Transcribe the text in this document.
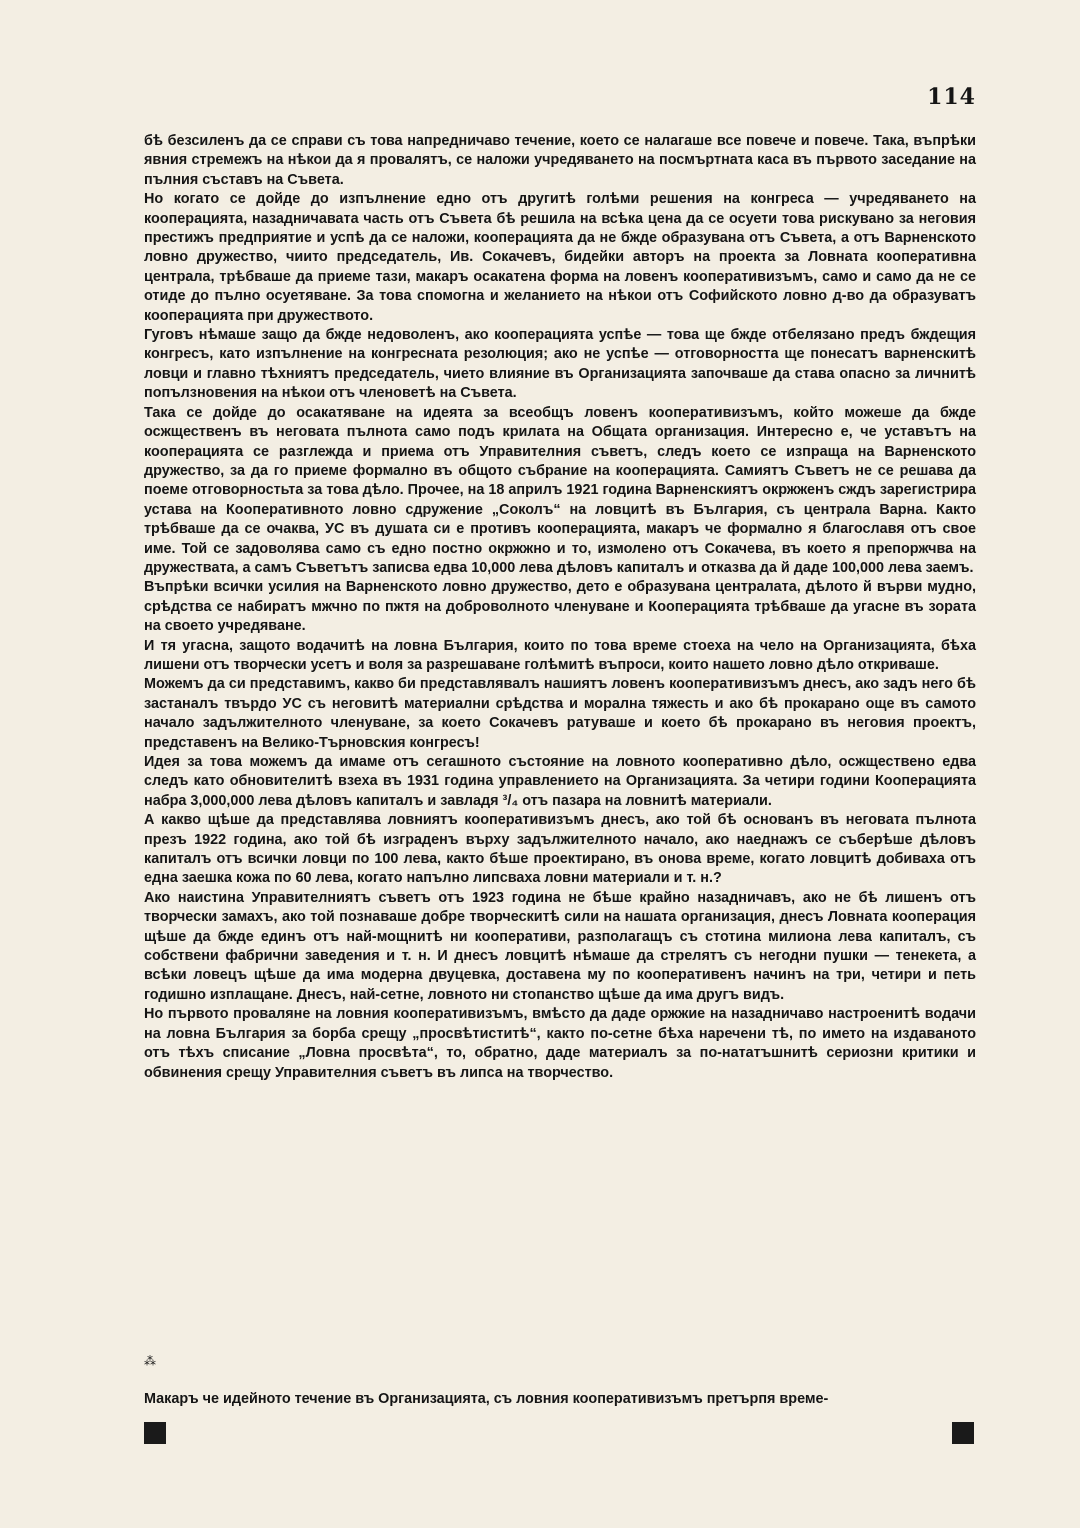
114

бѣ безсиленъ да се справи съ това напредничаво течение, което се налагаше все повече и повече. Така, въпрѣки явния стремежъ на нѣкои да я провалятъ, се наложи учредяването на посмъртната каса въ първото заседание на пълния съставъ на Съвета.

Но когато се дойде до изпълнение едно отъ другитѣ голѣми решения на конгреса — учредяването на кооперацията, назадничавата часть отъ Съвета бѣ решила на всѣка цена да се осуети това рискувано за неговия престижъ предприятие и успѣ да се наложи, кооперацията да не бжде образувана отъ Съвета, а отъ Варненското ловно дружество, чиито председатель, Ив. Сокачевъ, бидейки авторъ на проекта за Ловната кооперативна централа, трѣбваше да приеме тази, макаръ осакатена форма на ловенъ кооперативизъмъ, само и само да не се отиде до пълно осуетяване. За това спомогна и желанието на нѣкои отъ Софийското ловно д-во да образуватъ кооперацията при дружеството.

Гуговъ нѣмаше защо да бжде недоволенъ, ако кооперацията успѣе — това ще бжде отбелязано предъ бждещия конгресъ, като изпълнение на конгресната резолюция; ако не успѣе — отговорността ще понесатъ варненскитѣ ловци и главно тѣхниятъ председатель, чието влияние въ Организацията започваше да става опасно за личнитѣ попълзновения на нѣкои отъ членоветѣ на Съвета.

Така се дойде до осакатяване на идеята за всеобщъ ловенъ кооперативизъмъ, който можеше да бжде осжщественъ въ неговата пълнота само подъ крилата на Общата организация. Интересно е, че уставътъ на кооперацията се разглежда и приема отъ Управителния съветъ, следъ което се изпраща на Варненското дружество, за да го приеме формално въ общото събрание на кооперацията. Самиятъ Съветъ не се решава да поеме отговорностьта за това дѣло. Прочее, на 18 априлъ 1921 година Варненскиятъ окржженъ сждъ зарегистрира устава на Кооперативното ловно сдружение „Соколъ“ на ловцитѣ въ България, съ централа Варна. Както трѣбваше да се очаква, УС въ душата си е противъ кооперацията, макаръ че формално я благославя отъ свое име. Той се задоволява само съ едно постно окржжно и то, измолено отъ Сокачева, въ което я препоржчва на дружествата, а самъ Съветътъ записва едва 10,000 лева дѣловъ капиталъ и отказва да й даде 100,000 лева заемъ.

Въпрѣки всички усилия на Варненското ловно дружество, дето е образувана централата, дѣлото й върви мудно, срѣдства се набиратъ мжчно по пжтя на доброволното членуване и Кооперацията трѣбваше да угасне въ зората на своето учредяване.

И тя угасна, защото водачитѣ на ловна България, които по това време стоеха на чело на Организацията, бѣха лишени отъ творчески усетъ и воля за разрешаване голѣмитѣ въпроси, които нашето ловно дѣло откриваше.

Можемъ да си представимъ, какво би представлявалъ нашиятъ ловенъ кооперативизъмъ днесъ, ако задъ него бѣ застаналъ твърдо УС съ неговитѣ материални срѣдства и морална тяжесть и ако бѣ прокарано още въ самото начало задължителното членуване, за което Сокачевъ ратуваше и което бѣ прокарано въ неговия проектъ, представенъ на Велико-Търновския конгресъ!

Идея за това можемъ да имаме отъ сегашното състояние на ловното кооперативно дѣло, осжществено едва следъ като обновителитѣ взеха въ 1931 година управлението на Организацията. За четири години Кооперацията набра 3,000,000 лева дѣловъ капиталъ и завладя ³/₄ отъ пазара на ловнитѣ материали.

А какво щѣше да представлява ловниятъ кооперативизъмъ днесъ, ако той бѣ основанъ въ неговата пълнота презъ 1922 година, ако той бѣ изграденъ върху задължителното начало, ако наеднажъ се съберѣше дѣловъ капиталъ отъ всички ловци по 100 лева, както бѣше проектирано, въ онова време, когато ловцитѣ добиваха отъ една заешка кожа по 60 лева, когато напълно липсваха ловни материали и т. н.?

Ако наистина Управителниятъ съветъ отъ 1923 година не бѣше крайно назадничавъ, ако не бѣ лишенъ отъ творчески замахъ, ако той познаваше добре творческитѣ сили на нашата организация, днесъ Ловната кооперация щѣше да бжде единъ отъ най-мощнитѣ ни кооперативи, разполагащъ съ стотина милиона лева капиталъ, съ собствени фабрични заведения и т. н. И днесъ ловцитѣ нѣмаше да стрелятъ съ негодни пушки — тенекета, а всѣки ловецъ щѣше да има модерна двуцевка, доставена му по кооперативенъ начинъ на три, четири и петь годишно изплащане. Днесъ, най-сетне, ловното ни стопанство щѣше да има другъ видъ.

Но първото проваляне на ловния кооперативизъмъ, вмѣсто да даде оржжие на назадничаво настроенитѣ водачи на ловна България за борба срещу „просвѣтиститѣ“, както по-сетне бѣха наречени тѣ, по името на издаваното отъ тѣхъ списание „Ловна просвѣта“, то, обратно, даде материалъ за по-нататъшнитѣ сериозни критики и обвинения срещу Управителния съветъ въ липса на творчество.

⁂

Макаръ че идейното течение въ Организацията, съ ловния кооперативизъмъ претърпя време-
